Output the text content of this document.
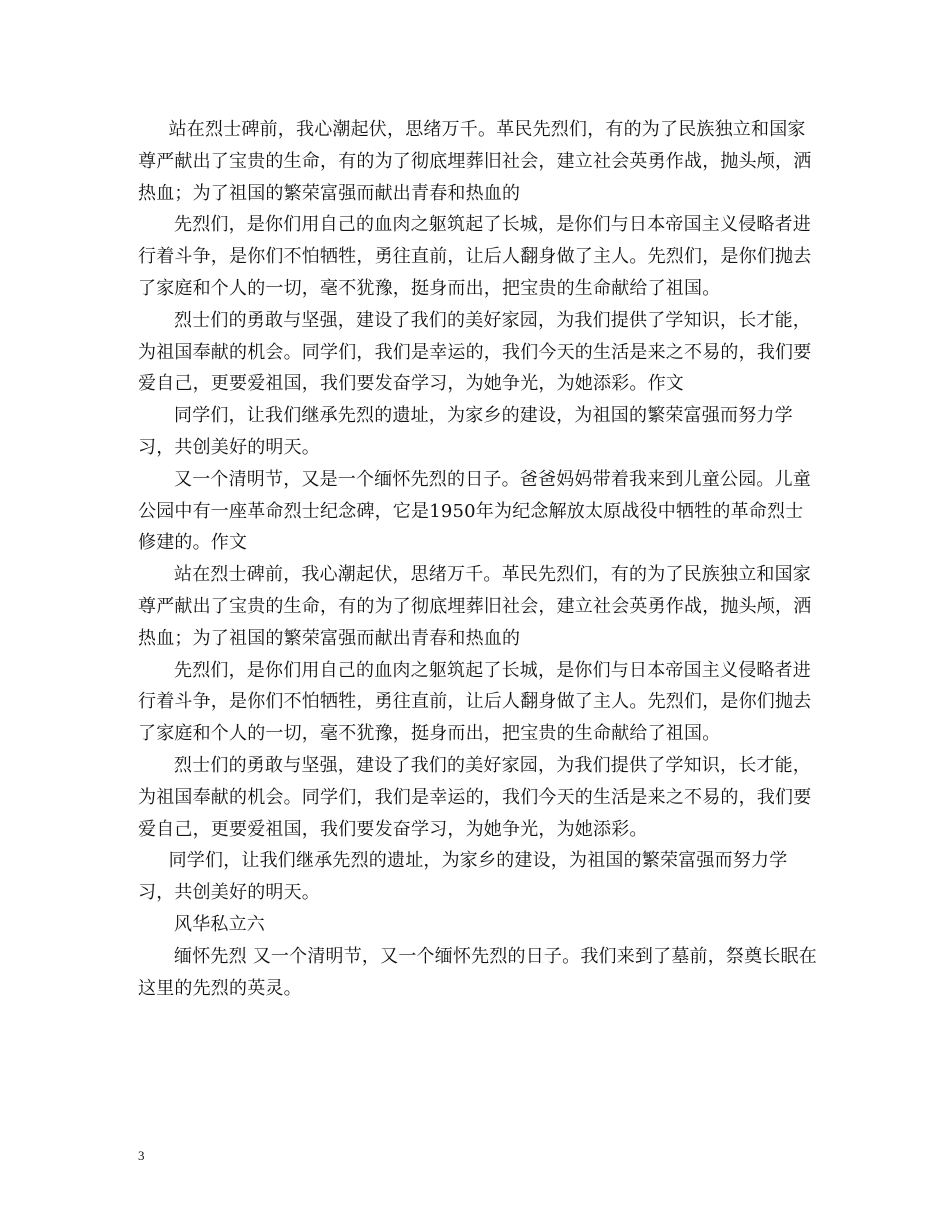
站在烈士碑前，我心潮起伏，思绪万千。革民先烈们，有的为了民族独立和国家尊严献出了宝贵的生命，有的为了彻底埋葬旧社会，建立社会英勇作战，抛头颅，洒热血；为了祖国的繁荣富强而献出青春和热血的

先烈们，是你们用自己的血肉之躯筑起了长城，是你们与日本帝国主义侵略者进行着斗争，是你们不怕牺牲，勇往直前，让后人翻身做了主人。先烈们，是你们抛去了家庭和个人的一切，毫不犹豫，挺身而出，把宝贵的生命献给了祖国。

烈士们的勇敢与坚强，建设了我们的美好家园，为我们提供了学知识，长才能，为祖国奉献的机会。同学们，我们是幸运的，我们今天的生活是来之不易的，我们要爱自己，更要爱祖国，我们要发奋学习，为她争光，为她添彩。作文

同学们，让我们继承先烈的遗址，为家乡的建设，为祖国的繁荣富强而努力学习，共创美好的明天。

又一个清明节，又是一个缅怀先烈的日子。爸爸妈妈带着我来到儿童公园。儿童公园中有一座革命烈士纪念碑，它是1950年为纪念解放太原战役中牺牲的革命烈士修建的。作文

站在烈士碑前，我心潮起伏，思绪万千。革民先烈们，有的为了民族独立和国家尊严献出了宝贵的生命，有的为了彻底埋葬旧社会，建立社会英勇作战，抛头颅，洒热血；为了祖国的繁荣富强而献出青春和热血的

先烈们，是你们用自己的血肉之躯筑起了长城，是你们与日本帝国主义侵略者进行着斗争，是你们不怕牺牲，勇往直前，让后人翻身做了主人。先烈们，是你们抛去了家庭和个人的一切，毫不犹豫，挺身而出，把宝贵的生命献给了祖国。

烈士们的勇敢与坚强，建设了我们的美好家园，为我们提供了学知识，长才能，为祖国奉献的机会。同学们，我们是幸运的，我们今天的生活是来之不易的，我们要爱自己，更要爱祖国，我们要发奋学习，为她争光，为她添彩。

同学们，让我们继承先烈的遗址，为家乡的建设，为祖国的繁荣富强而努力学习，共创美好的明天。

风华私立六

缅怀先烈 又一个清明节，又一个缅怀先烈的日子。我们来到了墓前，祭奠长眠在这里的先烈的英灵。

3
